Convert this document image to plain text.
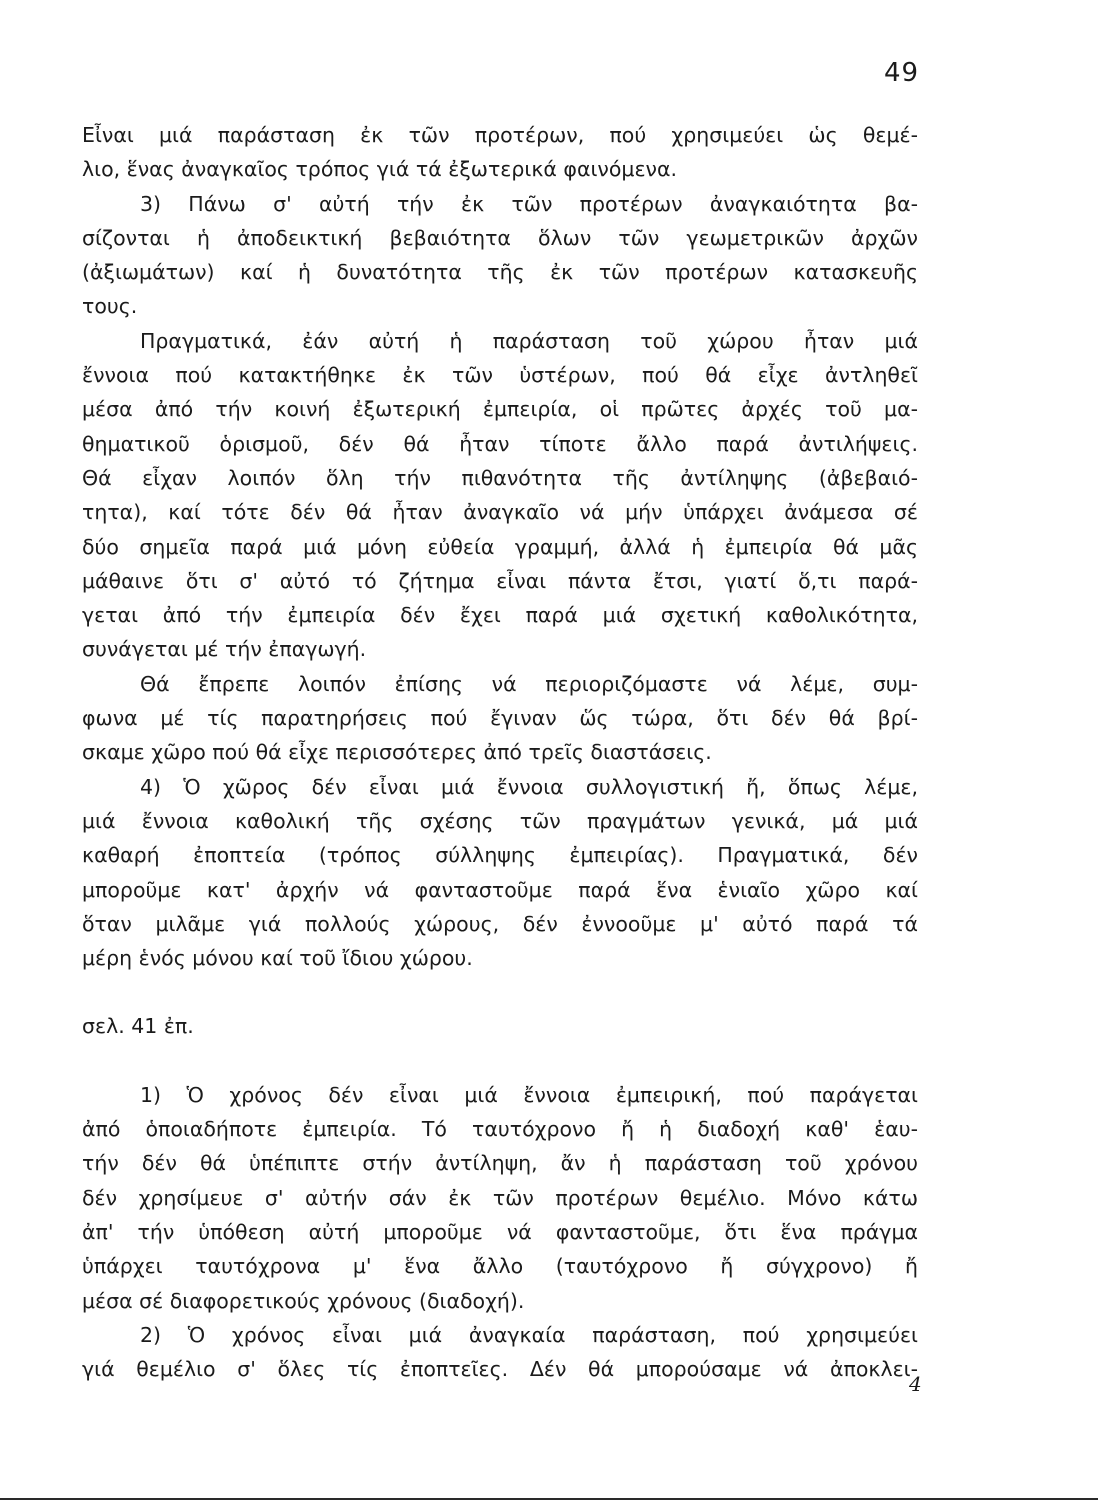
49
Εἶναι μιά παράσταση ἐκ τῶν προτέρων, πού χρησιμεύει ὡς θεμέ-
λιο, ἕνας ἀναγκαῖος τρόπος γιά τά ἐξωτερικά φαινόμενα.
3) Πάνω σ' αὐτή τήν ἐκ τῶν προτέρων ἀναγκαιότητα βα-
σίζονται ἡ ἀποδεικτική βεβαιότητα ὅλων τῶν γεωμετρικῶν ἀρχῶν
(ἀξιωμάτων) καί ἡ δυνατότητα τῆς ἐκ τῶν προτέρων κατασκευῆς
τους.
Πραγματικά, ἐάν αὐτή ἡ παράσταση τοῦ χώρου ἦταν μιά
ἔννοια πού κατακτήθηκε ἐκ τῶν ὑστέρων, πού θά εἶχε ἀντληθεῖ
μέσα ἀπό τήν κοινή ἐξωτερική ἐμπειρία, οἱ πρῶτες ἀρχές τοῦ μα-
θηματικοῦ ὁρισμοῦ, δέν θά ἦταν τίποτε ἄλλο παρά ἀντιλήψεις.
Θά εἶχαν λοιπόν ὅλη τήν πιθανότητα τῆς ἀντίληψης (ἀβεβαιό-
τητα), καί τότε δέν θά ἦταν ἀναγκαῖο νά μήν ὑπάρχει ἀνάμεσα σέ
δύο σημεῖα παρά μιά μόνη εὐθεία γραμμή, ἀλλά ἡ ἐμπειρία θά μᾶς
μάθαινε ὅτι σ' αὐτό τό ζήτημα εἶναι πάντα ἔτσι, γιατί ὅ,τι παρά-
γεται ἀπό τήν ἐμπειρία δέν ἔχει παρά μιά σχετική καθολικότητα,
συνάγεται μέ τήν ἐπαγωγή.
Θά ἔπρεπε λοιπόν ἐπίσης νά περιοριζόμαστε νά λέμε, συμ-
φωνα μέ τίς παρατηρήσεις πού ἔγιναν ὥς τώρα, ὅτι δέν θά βρί-
σκαμε χῶρο πού θά εἶχε περισσότερες ἀπό τρεῖς διαστάσεις.
4) Ὁ χῶρος δέν εἶναι μιά ἔννοια συλλογιστική ἤ, ὅπως λέμε,
μιά ἔννοια καθολική τῆς σχέσης τῶν πραγμάτων γενικά, μά μιά
καθαρή ἐποπτεία (τρόπος σύλληψης ἐμπειρίας). Πραγματικά, δέν
μποροῦμε κατ' ἀρχήν νά φανταστοῦμε παρά ἕνα ἑνιαῖο χῶρο καί
ὅταν μιλᾶμε γιά πολλούς χώρους, δέν ἐννοοῦμε μ' αὐτό παρά τά
μέρη ἑνός μόνου καί τοῦ ἴδιου χώρου.
σελ. 41 ἐπ.
1) Ὁ χρόνος δέν εἶναι μιά ἔννοια ἐμπειρική, πού παράγεται
ἀπό ὁποιαδήποτε ἐμπειρία. Τό ταυτόχρονο ἤ ἡ διαδοχή καθ' ἑαυ-
τήν δέν θά ὑπέπιπτε στήν ἀντίληψη, ἄν ἡ παράσταση τοῦ χρόνου
δέν χρησίμευε σ' αὐτήν σάν ἐκ τῶν προτέρων θεμέλιο. Μόνο κάτω
ἀπ' τήν ὑπόθεση αὐτή μποροῦμε νά φανταστοῦμε, ὅτι ἕνα πράγμα
ὑπάρχει ταυτόχρονα μ' ἕνα ἄλλο (ταυτόχρονο ἤ σύγχρονο) ἤ
μέσα σέ διαφορετικούς χρόνους (διαδοχή).
2) Ὁ χρόνος εἶναι μιά ἀναγκαία παράσταση, πού χρησιμεύει
γιά θεμέλιο σ' ὅλες τίς ἐποπτεῖες. Δέν θά μπορούσαμε νά ἀποκλει-
4
